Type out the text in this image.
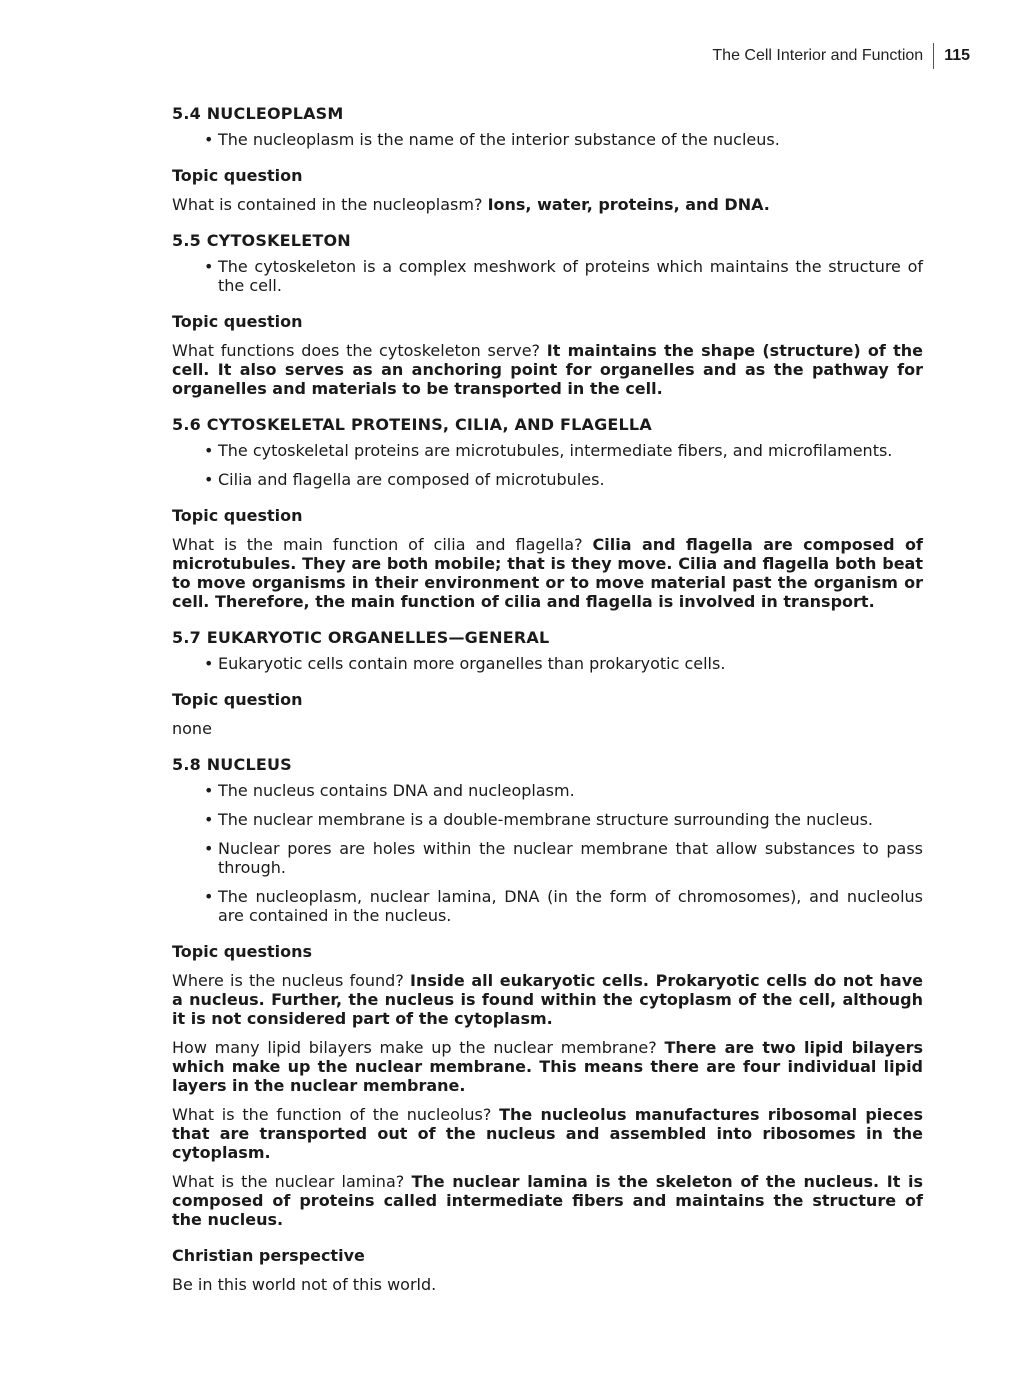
The Cell Interior and Function	115
5.4 NUCLEOPLASM
• The nucleoplasm is the name of the interior substance of the nucleus.
Topic question

What is contained in the nucleoplasm? Ions, water, proteins, and DNA.

5.5 CYTOSKELETON
• The cytoskeleton is a complex meshwork of proteins which maintains the structure of the cell.
Topic question

What functions does the cytoskeleton serve? It maintains the shape (structure) of the cell. It also serves as an anchoring point for organelles and as the pathway for organelles and materials to be transported in the cell.

5.6 CYTOSKELETAL PROTEINS, CILIA, AND FLAGELLA
• The cytoskeletal proteins are microtubules, intermediate fibers, and microfilaments.
• Cilia and flagella are composed of microtubules.
Topic question

What is the main function of cilia and flagella? Cilia and flagella are composed of microtubules. They are both mobile; that is they move. Cilia and flagella both beat to move organisms in their environment or to move material past the organism or cell. Therefore, the main function of cilia and flagella is involved in transport.

5.7 EUKARYOTIC ORGANELLES—GENERAL
• Eukaryotic cells contain more organelles than prokaryotic cells.
Topic question

none

5.8 NUCLEUS
• The nucleus contains DNA and nucleoplasm.
• The nuclear membrane is a double-membrane structure surrounding the nucleus.
• Nuclear pores are holes within the nuclear membrane that allow substances to pass through.
• The nucleoplasm, nuclear lamina, DNA (in the form of chromosomes), and nucleolus are contained in the nucleus.
Topic questions

Where is the nucleus found? Inside all eukaryotic cells. Prokaryotic cells do not have a nucleus. Further, the nucleus is found within the cytoplasm of the cell, although it is not considered part of the cytoplasm.

How many lipid bilayers make up the nuclear membrane? There are two lipid bilayers which make up the nuclear membrane. This means there are four individual lipid layers in the nuclear membrane.

What is the function of the nucleolus? The nucleolus manufactures ribosomal pieces that are transported out of the nucleus and assembled into ribosomes in the cytoplasm.

What is the nuclear lamina? The nuclear lamina is the skeleton of the nucleus. It is composed of proteins called intermediate fibers and maintains the structure of the nucleus.

Christian perspective

Be in this world not of this world.
